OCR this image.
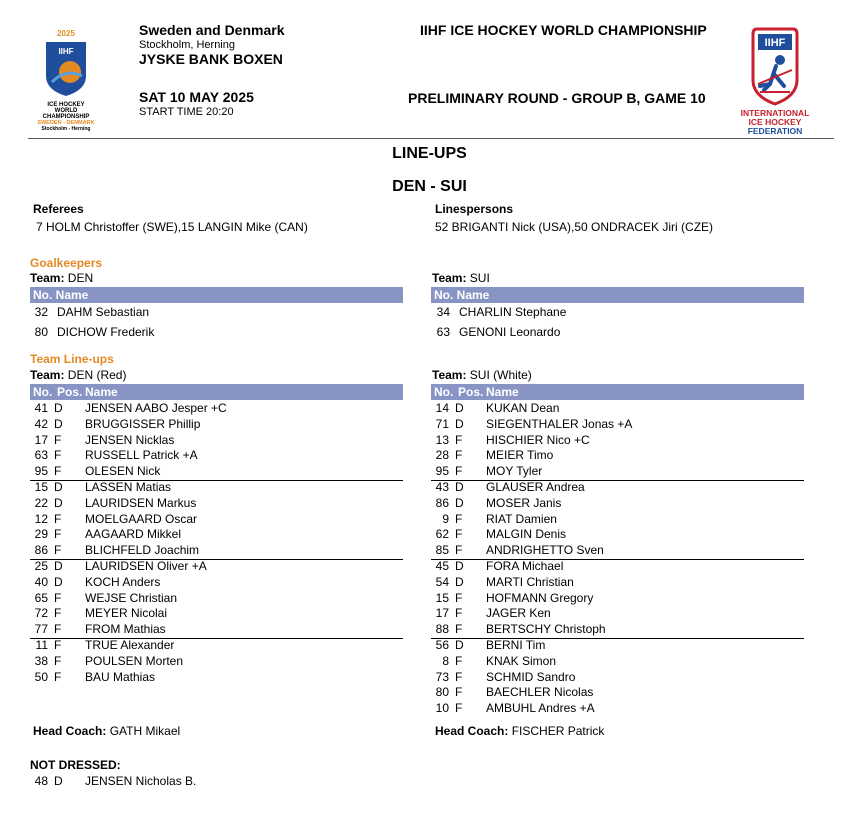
2025
IIHF
ICE HOCKEY
WORLD
CHAMPIONSHIP
SWEDEN - DENMARK
Stockholm - Herning
Sweden and Denmark
Stockholm, Herning
JYSKE BANK BOXEN
SAT 10 MAY 2025
START TIME 20:20
IIHF ICE HOCKEY WORLD CHAMPIONSHIP
PRELIMINARY ROUND - GROUP B, GAME 10
IIHF
INTERNATIONAL
ICE HOCKEY
FEDERATION
LINE-UPS
DEN - SUI
Referees
7 HOLM Christoffer (SWE),15 LANGIN Mike (CAN)
Linespersons
52 BRIGANTI Nick (USA),50 ONDRACEK Jiri (CZE)
Goalkeepers
Team: DEN	Team: SUI
No. Name	No. Name
32 DAHM Sebastian
80 DICHOW Frederik
34 CHARLIN Stephane
63 GENONI Leonardo
Team Line-ups
Team: DEN (Red)	Team: SUI (White)
No. Pos. Name	No. Pos. Name
41 D JENSEN AABO Jesper +C
42 D BRUGGISSER Phillip
17 F JENSEN Nicklas
63 F RUSSELL Patrick +A
95 F OLESEN Nick
15 D LASSEN Matias
22 D LAURIDSEN Markus
12 F MOELGAARD Oscar
29 F AAGAARD Mikkel
86 F BLICHFELD Joachim
25 D LAURIDSEN Oliver +A
40 D KOCH Anders
65 F WEJSE Christian
72 F MEYER Nicolai
77 F FROM Mathias
11 F TRUE Alexander
38 F POULSEN Morten
50 F BAU Mathias
14 D KUKAN Dean
71 D SIEGENTHALER Jonas +A
13 F HISCHIER Nico +C
28 F MEIER Timo
95 F MOY Tyler
43 D GLAUSER Andrea
86 D MOSER Janis
9 F RIAT Damien
62 F MALGIN Denis
85 F ANDRIGHETTO Sven
45 D FORA Michael
54 D MARTI Christian
15 F HOFMANN Gregory
17 F JAGER Ken
88 F BERTSCHY Christoph
56 D BERNI Tim
8 F KNAK Simon
73 F SCHMID Sandro
80 F BAECHLER Nicolas
10 F AMBUHL Andres +A
Head Coach: GATH Mikael	Head Coach: FISCHER Patrick
NOT DRESSED:
48 D JENSEN Nicholas B.
